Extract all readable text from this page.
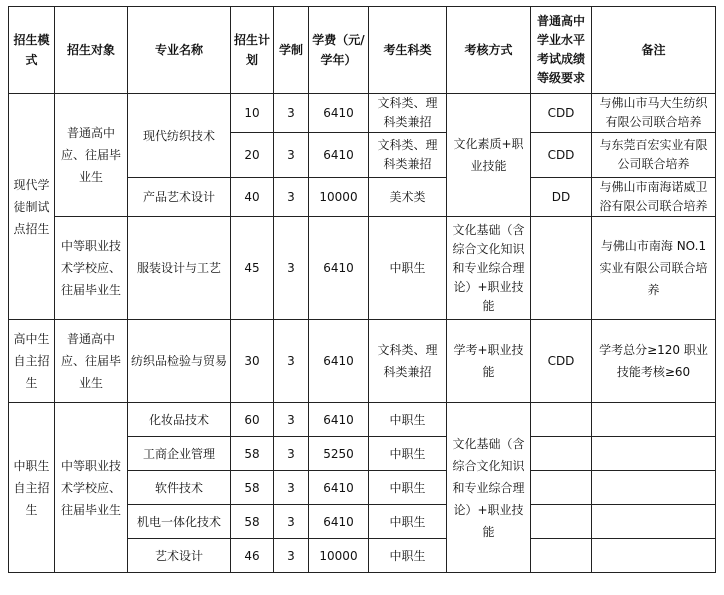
招生模式	招生对象	专业名称	招生计划	学制	学费（元/学年）	考生科类	考核方式	普通高中学业水平考试成绩等级要求	备注
现代学徒制试点招生	普通高中应、往届毕业生	现代纺织技术	10	3	6410	文科类、理科类兼招	文化素质+职业技能	CDD	与佛山市马大生纺织有限公司联合培养
			20	3	6410	文科类、理科类兼招		CDD	与东莞百宏实业有限公司联合培养
		产品艺术设计	40	3	10000	美术类		DD	与佛山市南海诺威卫浴有限公司联合培养
	中等职业技术学校应、往届毕业生	服装设计与工艺	45	3	6410	中职生	文化基础（含综合文化知识和专业综合理论）+职业技能		与佛山市南海 NO.1 实业有限公司联合培养
高中生自主招生	普通高中应、往届毕业生	纺织品检验与贸易	30	3	6410	文科类、理科类兼招	学考+职业技能	CDD	学考总分≥120 职业技能考核≥60
中职生自主招生	中等职业技术学校应、往届毕业生	化妆品技术	60	3	6410	中职生	文化基础（含综合文化知识和专业综合理论）+职业技能		
		工商企业管理	58	3	5250	中职生			
		软件技术	58	3	6410	中职生			
		机电一体化技术	58	3	6410	中职生			
		艺术设计	46	3	10000	中职生			
